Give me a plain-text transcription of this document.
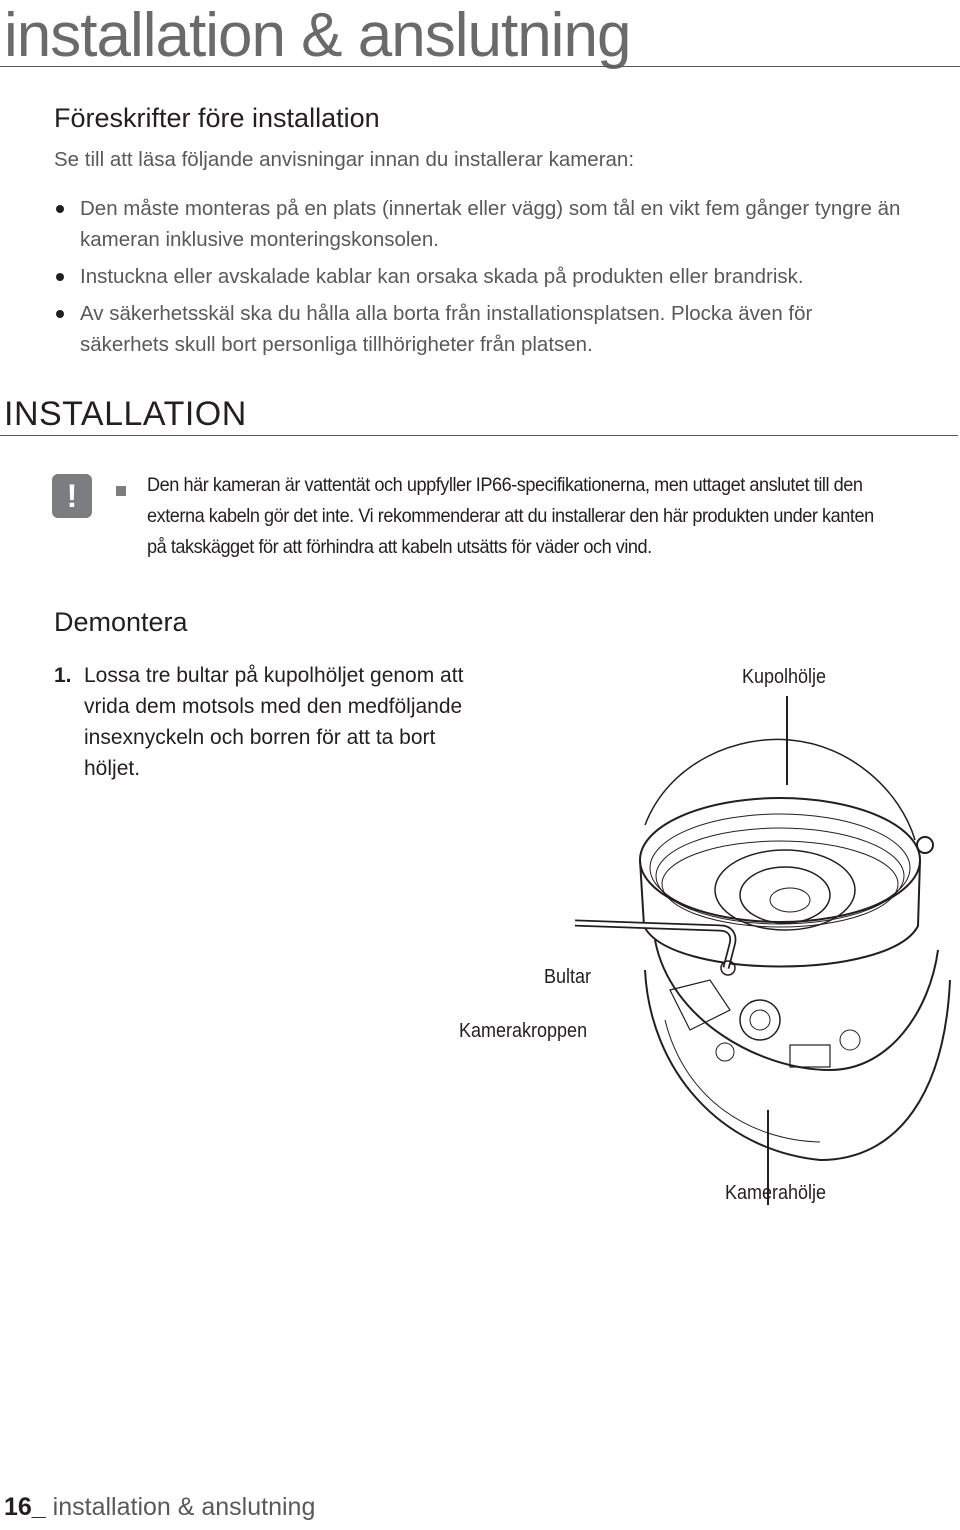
installation & anslutning
Föreskrifter före installation
Se till att läsa följande anvisningar innan du installerar kameran:
Den måste monteras på en plats (innertak eller vägg) som tål en vikt fem gånger tyngre än kameran inklusive monteringskonsolen.
Instuckna eller avskalade kablar kan orsaka skada på produkten eller brandrisk.
Av säkerhetsskäl ska du hålla alla borta från installationsplatsen. Plocka även för säkerhets skull bort personliga tillhörigheter från platsen.
INSTALLATION
!	Den här kameran är vattentät och uppfyller IP66-specifikationerna, men uttaget anslutet till den externa kabeln gör det inte. Vi rekommenderar att du installerar den här produkten under kanten på takskägget för att förhindra att kabeln utsätts för väder och vind.
Demontera
1. Lossa tre bultar på kupolhöljet genom att vrida dem motsols med den medföljande insexnyckeln och borren för att ta bort höljet.
Kupolhölje
Bultar
Kamerakroppen
Kamerahölje
16_ installation & anslutning
